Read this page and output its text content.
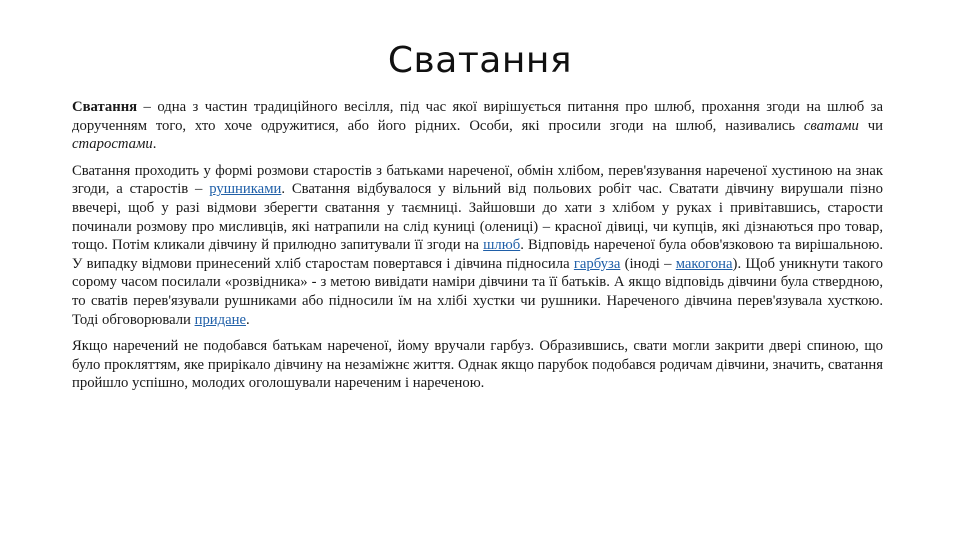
Сватання

Сватання – одна з частин традиційного весілля, під час якої вирішується питання про шлюб, прохання згоди на шлюб за дорученням того, хто хоче одружитися, або його рідних. Особи, які просили згоди на шлюб, називались сватами чи старостами.

Сватання проходить у формі розмови старостів з батьками нареченої, обмін хлібом, перев'язування нареченої хустиною на знак згоди, а старостів – рушниками. Сватання відбувалося у вільний від польових робіт час. Сватати дівчину вирушали пізно ввечері, щоб у разі відмови зберегти сватання у таємниці. Зайшовши до хати з хлібом у руках і привітавшись, старости починали розмову про мисливців, які натрапили на слід куниці (олениці) – красної дівиці, чи купців, які дізнаються про товар, тощо. Потім кликали дівчину й прилюдно запитували її згоди на шлюб. Відповідь нареченої була обов'язковою та вирішальною. У випадку відмови принесений хліб старостам повертався і дівчина підносила гарбуза (іноді – макогона). Щоб уникнути такого сорому часом посилали «розвідника» - з метою вивідати наміри дівчини та її батьків. А якщо відповідь дівчини була ствердною, то сватів перев'язували рушниками або підносили їм на хлібі хустки чи рушники. Нареченого дівчина перев'язувала хусткою. Тоді обговорювали придане.

Якщо наречений не подобався батькам нареченої, йому вручали гарбуз. Образившись, свати могли закрити двері спиною, що було прокляттям, яке прирікало дівчину на незаміжнє життя. Однак якщо парубок подобався родичам дівчини, значить, сватання пройшло успішно, молодих оголошували нареченим і нареченою.
